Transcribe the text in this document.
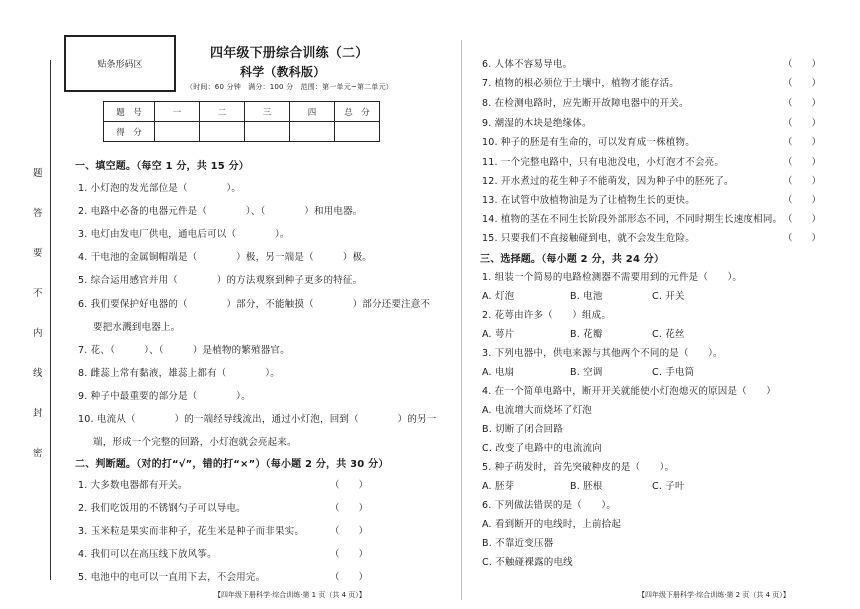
贴条形码区
题
答
要
不
内
线
封
密
四年级下册综合训练（二）
科学（教科版）
（时间：60 分钟　满分：100 分　范围：第一单元~第二单元）
题　号	一	二	三	四	总　分
得　分					
一、填空题。（每空 1 分，共 15 分）
1. 小灯泡的发光部位是（　　　　）。
2. 电路中必备的电器元件是（　　　　）、（　　　　）和用电器。
3. 电灯由发电厂供电，通电后可以（　　　　）。
4. 干电池的金属铜帽端是（　　　　）极，另一端是（　　　）极。
5. 综合运用感官并用（　　　　）的方法观察到种子更多的特征。
6. 我们要保护好电器的（　　　　）部分，不能触摸（　　　　）部分还要注意不
要把水溅到电器上。
7. 花、（　　　）、（　　　）是植物的繁殖器官。
8. 雌蕊上常有黏液，雄蕊上都有（　　　　）。
9. 种子中最重要的部分是（　　　　）。
10. 电流从（　　　　）的一端经导线流出，通过小灯泡，回到（　　　　）的另一
端，形成一个完整的回路，小灯泡就会亮起来。
二、判断题。（对的打“√”，错的打“×”）（每小题 2 分，共 30 分）
1. 大多数电器都有开关。	（　　）
2. 我们吃饭用的不锈钢勺子可以导电。	（　　）
3. 玉米粒是果实而非种子，花生米是种子而非果实。	（　　）
4. 我们可以在高压线下放风筝。	（　　）
5. 电池中的电可以一直用下去，不会用完。	（　　）
6. 人体不容易导电。	（　　）
7. 植物的根必须位于土壤中，植物才能存活。	（　　）
8. 在检测电路时，应先断开故障电器中的开关。	（　　）
9. 潮湿的木块是绝缘体。	（　　）
10. 种子的胚是有生命的，可以发育成一株植物。	（　　）
11. 一个完整电路中，只有电池没电，小灯泡才不会亮。	（　　）
12. 开水煮过的花生种子不能萌发，因为种子中的胚死了。	（　　）
13. 在试管中放植物油是为了让植物生长的更快。	（　　）
14. 植物的茎在不同生长阶段外部形态不同，不同时期生长速度相同。 （　　）
15. 只要我们不直接触碰到电，就不会发生危险。	（　　）
三、选择题。（每小题 2 分，共 24 分）
1. 组装一个简易的电路检测器不需要用到的元件是（　　）。
A. 灯泡	B. 电池	C. 开关
2. 花萼由许多（　　）组成。
A. 萼片	B. 花瓣	C. 花丝
3. 下列电器中，供电来源与其他两个不同的是（　　）。
A. 电扇	B. 空调	C. 手电筒
4. 在一个简单电路中，断开开关就能使小灯泡熄灭的原因是（　　）
A. 电流增大而烧坏了灯泡
B. 切断了闭合回路
C. 改变了电路中的电流流向
5. 种子萌发时，首先突破种皮的是（　　）。
A. 胚芽	B. 胚根	C. 子叶
6. 下列做法错误的是（　　）。
A. 看到断开的电线时，上前拾起
B. 不靠近变压器
C. 不触碰裸露的电线
【四年级下册科学·综合训练·第 1 页（共 4 页）】	【四年级下册科学·综合训练·第 2 页（共 4 页）】
